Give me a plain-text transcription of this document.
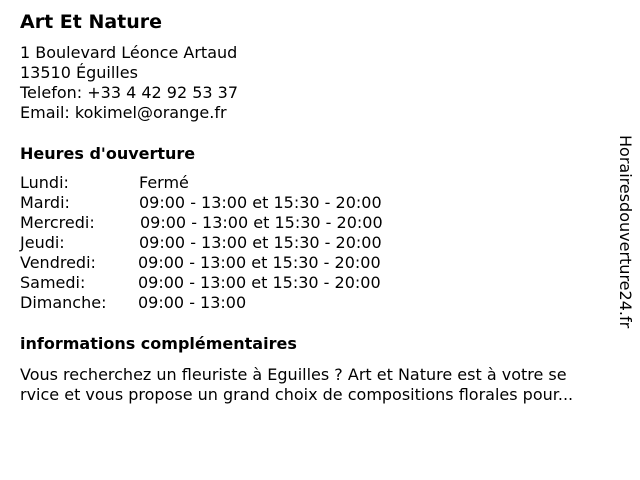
Art Et Nature
1 Boulevard Léonce Artaud
13510 Éguilles
Telefon: +33 4 42 92 53 37
Email: kokimel@orange.fr
Heures d'ouverture
Lundi:	Fermé
Mardi:	09:00 - 13:00 et 15:30 - 20:00
Mercredi:	09:00 - 13:00 et 15:30 - 20:00
Jeudi:	09:00 - 13:00 et 15:30 - 20:00
Vendredi:	09:00 - 13:00 et 15:30 - 20:00
Samedi:	09:00 - 13:00 et 15:30 - 20:00
Dimanche: 09:00 - 13:00
informations complémentaires
Vous recherchez un fleuriste à Eguilles ? Art et Nature est à votre se
rvice et vous propose un grand choix de compositions florales pour...
Horairesdouverture24.fr
